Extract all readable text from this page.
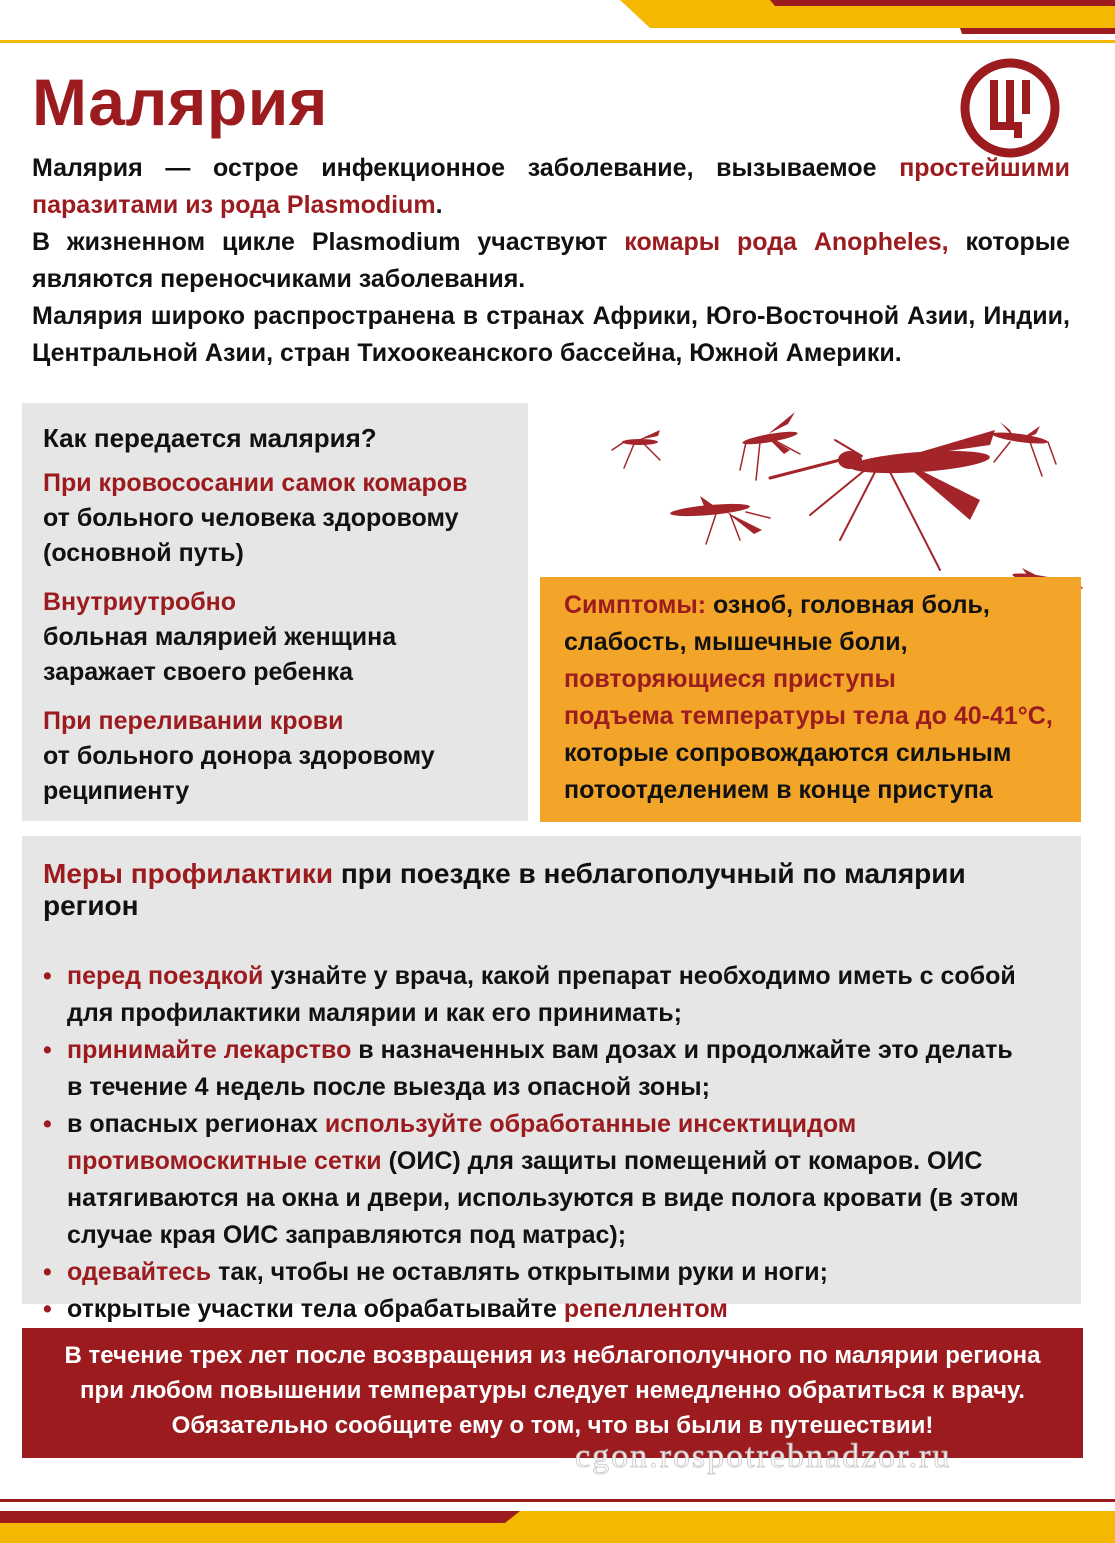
Малярия

Малярия — острое инфекционное заболевание, вызываемое простейшими паразитами из рода Plasmodium.

В жизненном цикле Plasmodium участвуют комары рода Anopheles, которые являются переносчиками заболевания.

Малярия широко распространена в странах Африки, Юго-Восточной Азии, Индии, Центральной Азии, стран Тихоокеанского бассейна, Южной Америки.

Как передается малярия?
При кровососании самок комаров
от больного человека здоровому
(основной путь)
Внутриутробно
больная малярией женщина
заражает своего ребенка
При переливании крови
от больного донора здоровому
реципиенту
Симптомы: озноб, головная боль,
слабость, мышечные боли,
повторяющиеся приступы
подъема температуры тела до 40-41°С,
которые сопровождаются сильным
потоотделением в конце приступа
Меры профилактики при поездке в неблагополучный по малярии регион
• перед поездкой узнайте у врача, какой препарат необходимо иметь с собой
для профилактики малярии и как его принимать;
• принимайте лекарство в назначенных вам дозах и продолжайте это делать
в течение 4 недель после выезда из опасной зоны;
• в опасных регионах используйте обработанные инсектицидом
противомоскитные сетки (ОИС) для защиты помещений от комаров. ОИС
натягиваются на окна и двери, используются в виде полога кровати (в этом
случае края ОИС заправляются под матрас);
• одевайтесь так, чтобы не оставлять открытыми руки и ноги;
• открытые участки тела обрабатывайте репеллентом
В течение трех лет после возвращения из неблагополучного по малярии региона
при любом повышении температуры следует немедленно обратиться к врачу.
Обязательно сообщите ему о том, что вы были в путешествии!
cgon.rospotrebnadzor.ru
